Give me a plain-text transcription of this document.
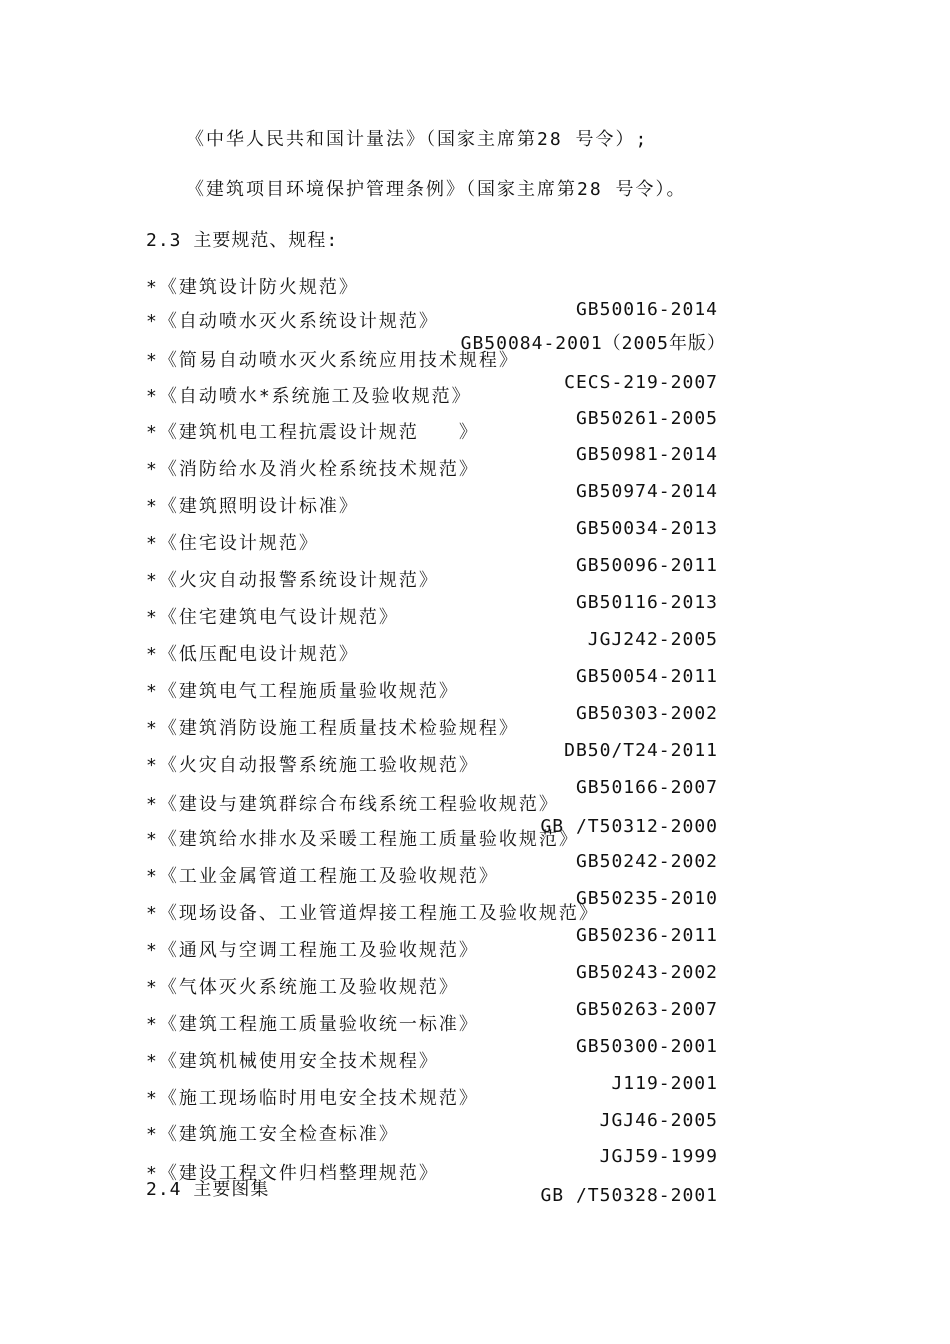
《中华人民共和国计量法》（国家主席第28 号令）;
《建筑项目环境保护管理条例》（国家主席第28 号令）。
2.3 主要规范、规程:

*《建筑设计防火规范》

GB50016-2014

*《自动喷水灭火系统设计规范》

GB50084-2001（2005年版）

*《简易自动喷水灭火系统应用技术规程》

CECS-219-2007

*《自动喷水*系统施工及验收规范》

GB50261-2005

*《建筑机电工程抗震设计规范　　》

GB50981-2014

*《消防给水及消火栓系统技术规范》

GB50974-2014

*《建筑照明设计标准》

GB50034-2013

*《住宅设计规范》

GB50096-2011

*《火灾自动报警系统设计规范》

GB50116-2013

*《住宅建筑电气设计规范》

JGJ242-2005

*《低压配电设计规范》

GB50054-2011

*《建筑电气工程施质量验收规范》

GB50303-2002

*《建筑消防设施工程质量技术检验规程》

DB50/T24-2011

*《火灾自动报警系统施工验收规范》

GB50166-2007

*《建设与建筑群综合布线系统工程验收规范》

GB /T50312-2000

*《建筑给水排水及采暖工程施工质量验收规范》

GB50242-2002

*《工业金属管道工程施工及验收规范》

GB50235-2010

*《现场设备、工业管道焊接工程施工及验收规范》

GB50236-2011

*《通风与空调工程施工及验收规范》

GB50243-2002

*《气体灭火系统施工及验收规范》

GB50263-2007

*《建筑工程施工质量验收统一标准》

GB50300-2001

*《建筑机械使用安全技术规程》

J119-2001

*《施工现场临时用电安全技术规范》

JGJ46-2005

*《建筑施工安全检查标准》

JGJ59-1999

*《建设工程文件归档整理规范》

GB /T50328-2001

2.4 主要图集
